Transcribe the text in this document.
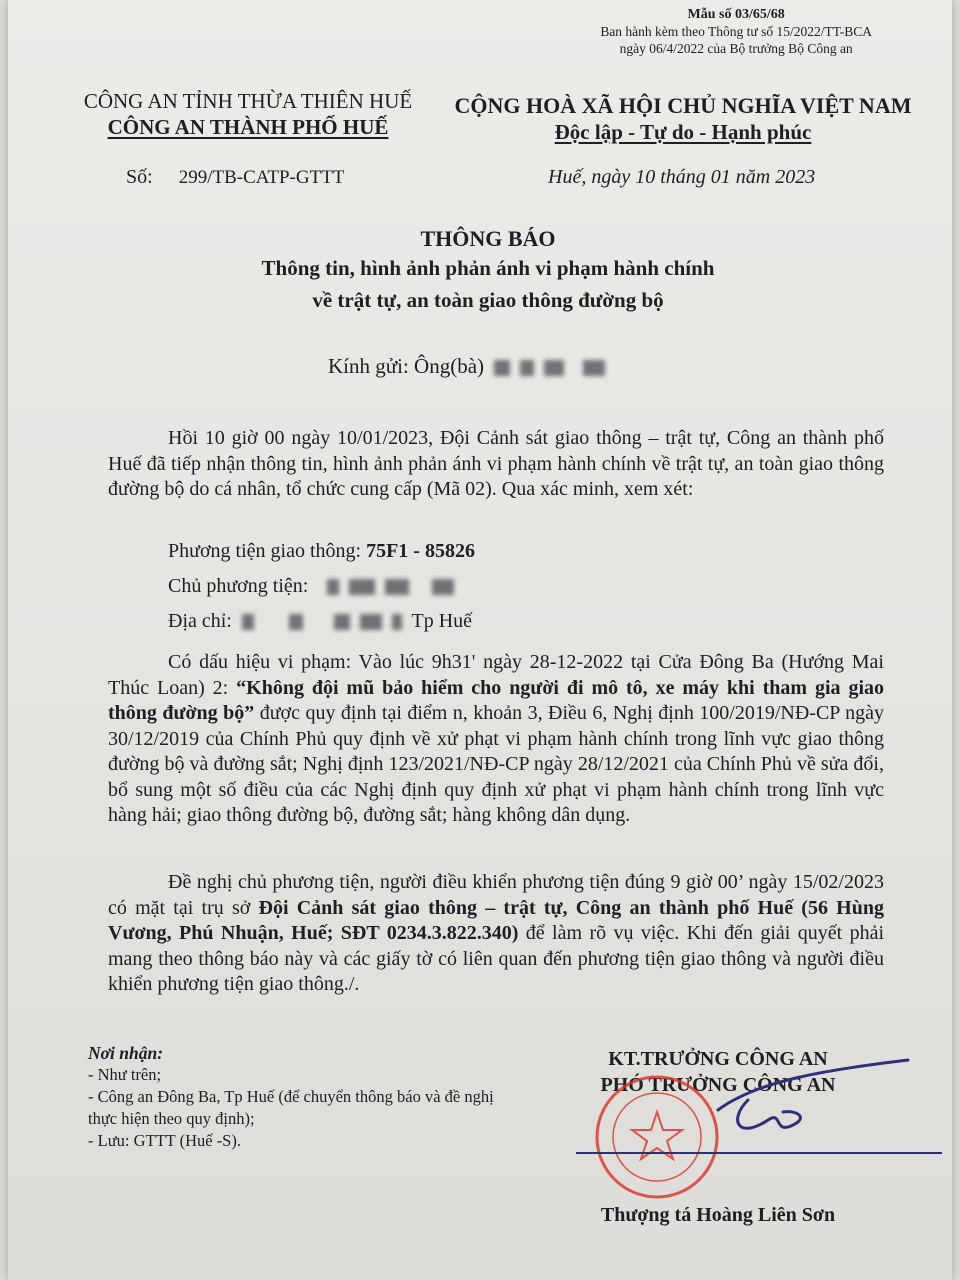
Mẫu số 03/65/68
Ban hành kèm theo Thông tư số 15/2022/TT-BCA
ngày 06/4/2022 của Bộ trưởng Bộ Công an
CÔNG AN TỈNH THỪA THIÊN HUẾ
CÔNG AN THÀNH PHỐ HUẾ
CỘNG HOÀ XÃ HỘI CHỦ NGHĨA VIỆT NAM
Độc lập - Tự do - Hạnh phúc
Số: 299/TB-CATP-GTTT	Huế, ngày 10 tháng 01 năm 2023
THÔNG BÁO
Thông tin, hình ảnh phản ánh vi phạm hành chính
về trật tự, an toàn giao thông đường bộ
Kính gửi: Ông(bà)
Hồi 10 giờ 00 ngày 10/01/2023, Đội Cảnh sát giao thông – trật tự, Công an thành phố Huế đã tiếp nhận thông tin, hình ảnh phản ánh vi phạm hành chính về trật tự, an toàn giao thông đường bộ do cá nhân, tổ chức cung cấp (Mã 02). Qua xác minh, xem xét:
Phương tiện giao thông: 75F1 - 85826
Chủ phương tiện:
Địa chỉ:	Tp Huế
Có dấu hiệu vi phạm: Vào lúc 9h31' ngày 28-12-2022 tại Cửa Đông Ba (Hướng Mai Thúc Loan) 2: “Không đội mũ bảo hiểm cho người đi mô tô, xe máy khi tham gia giao thông đường bộ” được quy định tại điểm n, khoản 3, Điều 6, Nghị định 100/2019/NĐ-CP ngày 30/12/2019 của Chính Phủ quy định về xử phạt vi phạm hành chính trong lĩnh vực giao thông đường bộ và đường sắt; Nghị định 123/2021/NĐ-CP ngày 28/12/2021 của Chính Phủ về sửa đổi, bổ sung một số điều của các Nghị định quy định xử phạt vi phạm hành chính trong lĩnh vực hàng hải; giao thông đường bộ, đường sắt; hàng không dân dụng.
Đề nghị chủ phương tiện, người điều khiển phương tiện đúng 9 giờ 00’ ngày 15/02/2023 có mặt tại trụ sở Đội Cảnh sát giao thông – trật tự, Công an thành phố Huế (56 Hùng Vương, Phú Nhuận, Huế; SĐT 0234.3.822.340) để làm rõ vụ việc. Khi đến giải quyết phải mang theo thông báo này và các giấy tờ có liên quan đến phương tiện giao thông và người điều khiển phương tiện giao thông./.
Nơi nhận:
- Như trên;
- Công an Đông Ba, Tp Huế (để chuyển thông báo và đề nghị thực hiện theo quy định);
- Lưu: GTTT (Huế -S).
KT.TRƯỞNG CÔNG AN
PHÓ TRƯỞNG CÔNG AN
Thượng tá Hoàng Liên Sơn
